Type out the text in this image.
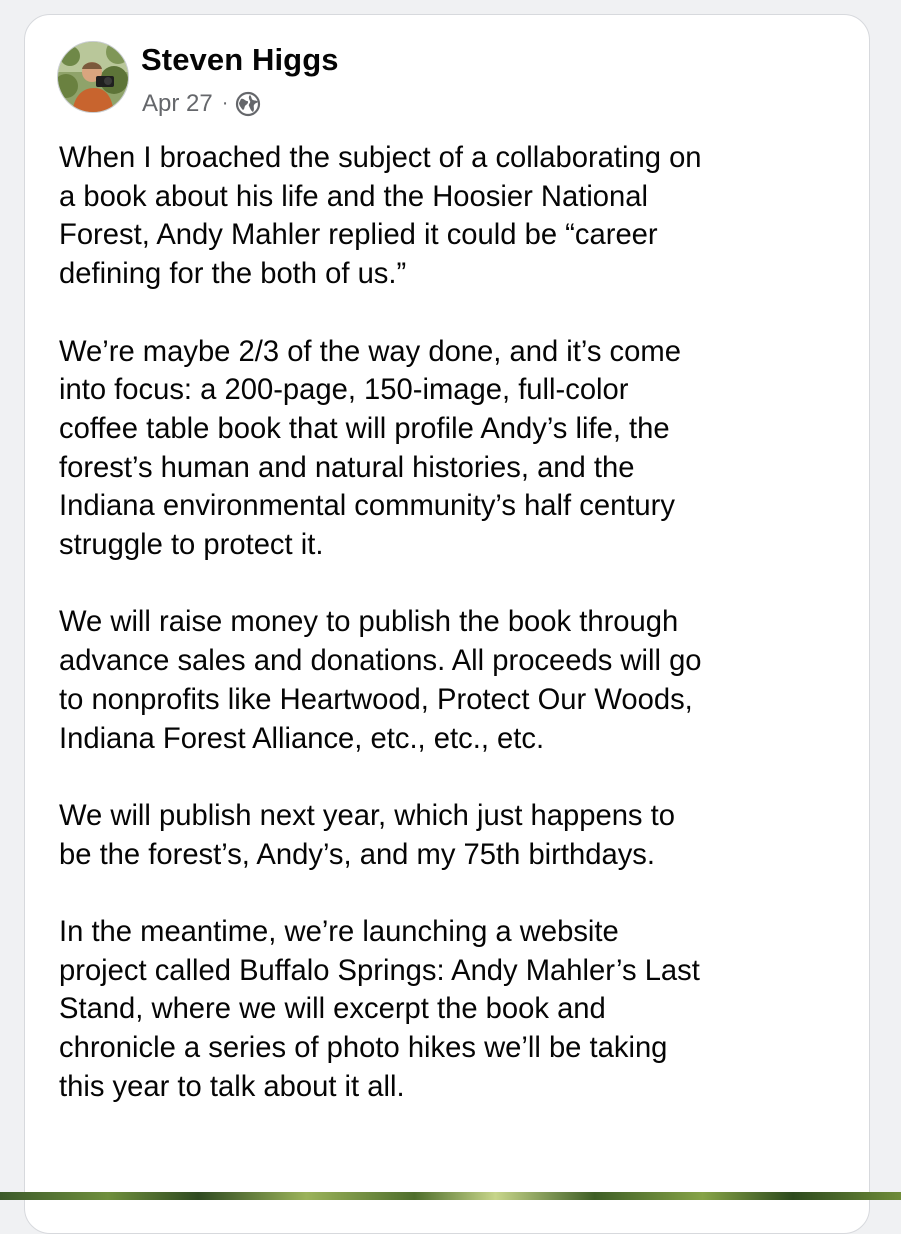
Steven Higgs
Apr 27 ·

When I broached the subject of a collaborating on
a book about his life and the Hoosier National
Forest, Andy Mahler replied it could be “career
defining for the both of us.”

We’re maybe 2/3 of the way done, and it’s come
into focus: a 200-page, 150-image, full-color
coffee table book that will profile Andy’s life, the
forest’s human and natural histories, and the
Indiana environmental community’s half century
struggle to protect it.

We will raise money to publish the book through
advance sales and donations. All proceeds will go
to nonprofits like Heartwood, Protect Our Woods,
Indiana Forest Alliance, etc., etc., etc.

We will publish next year, which just happens to
be the forest’s, Andy’s, and my 75th birthdays.

In the meantime, we’re launching a website
project called Buffalo Springs: Andy Mahler’s Last
Stand, where we will excerpt the book and
chronicle a series of photo hikes we’ll be taking
this year to talk about it all.
